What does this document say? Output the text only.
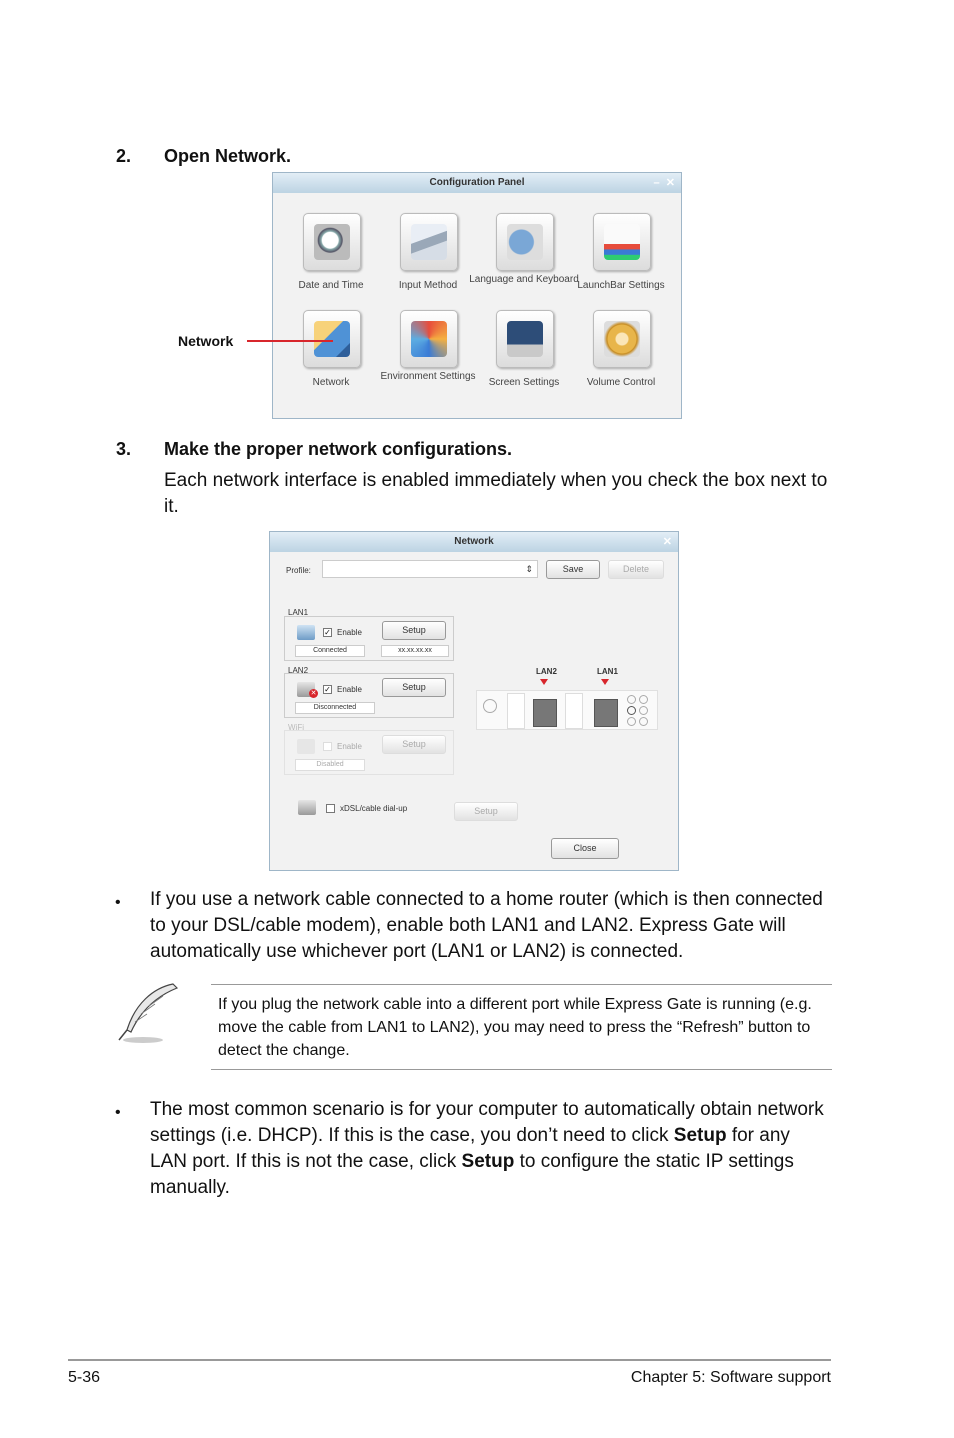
2. Open Network.
Configuration Panel	– ✕
Date and Time	Input Method
Language and Keyboard
LaunchBar Settings
Network
Environment Settings
Screen Settings	Volume Control
Network
3. Make the proper network configurations.
Each network interface is enabled immediately when you check the box next to it.
Network	✕
Profile:	⇕	Save	Delete
LAN1
✓ Enable	Setup
Connected	xx.xx.xx.xx
LAN2
✕ ✓ Enable	Setup
Disconnected
WiFi
Enable	Setup
Disabled
LAN2	LAN1
xDSL/cable dial-up	Setup
Close
• If you use a network cable connected to a home router (which is then connected to your DSL/cable modem), enable both LAN1 and LAN2. Express Gate will automatically use whichever port (LAN1 or LAN2) is connected.
If you plug the network cable into a different port while Express Gate is running (e.g. move the cable from LAN1 to LAN2), you may need to press the “Refresh” button to detect the change.
• The most common scenario is for your computer to automatically obtain network settings (i.e. DHCP). If this is the case, you don’t need to click Setup for any LAN port. If this is not the case, click Setup to configure the static IP settings manually.
5-36	Chapter 5: Software support
